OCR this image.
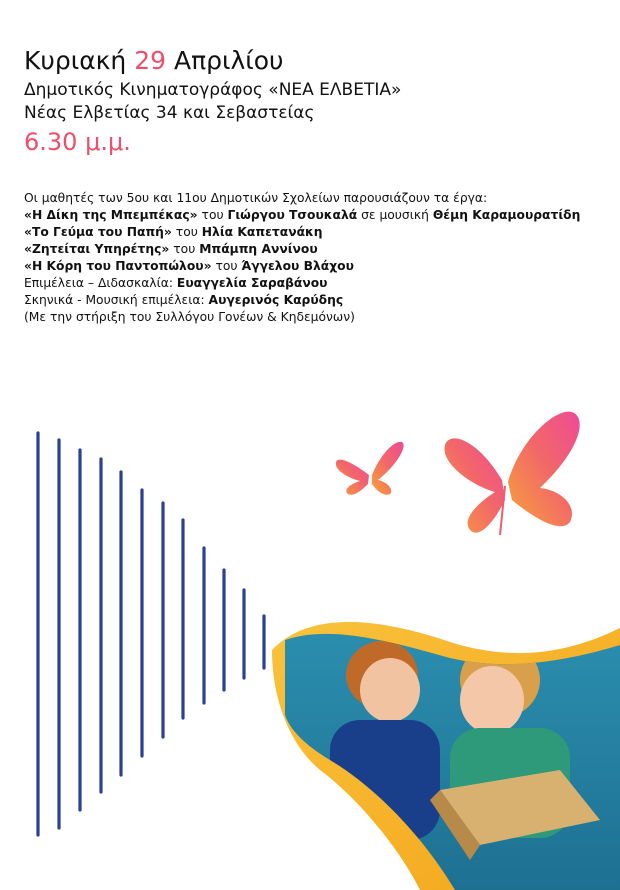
Κυριακή 29 Απριλίου
Δημοτικός Κινηματογράφος «ΝΕΑ ΕΛΒΕΤΙΑ»
Νέας Ελβετίας 34 και Σεβαστείας
6.30 μ.μ.
Οι μαθητές των 5ου και 11ου Δημοτικών Σχολείων παρουσιάζουν τα έργα:
«Η Δίκη της Μπεμπέκας» του Γιώργου Τσουκαλά σε μουσική Θέμη Καραμουρατίδη
«Το Γεύμα του Παπή» του Ηλία Καπετανάκη
«Ζητείται Υπηρέτης» του Μπάμπη Αννίνου
«Η Κόρη του Παντοπώλου» του Άγγελου Βλάχου
Επιμέλεια – Διδασκαλία: Ευαγγελία Σαραβάνου
Σκηνικά - Μουσική επιμέλεια: Αυγερινός Καρύδης
(Με την στήριξη του Συλλόγου Γονέων & Κηδεμόνων)
